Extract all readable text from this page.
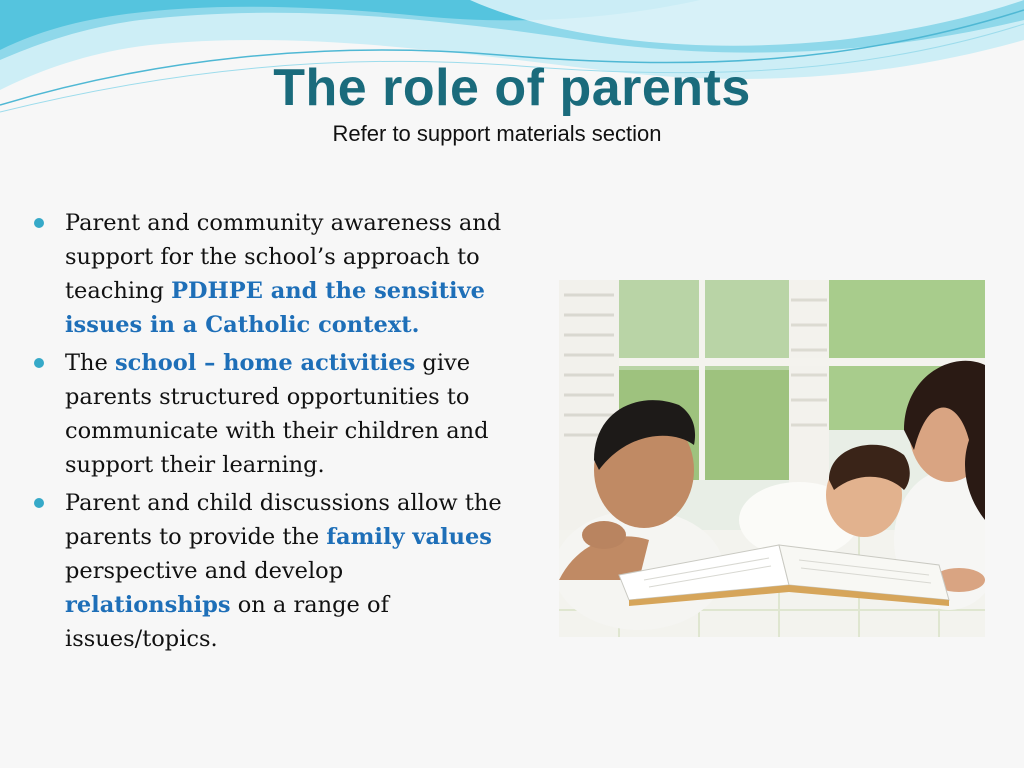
The role of parents
Refer to support materials section
Parent and community awareness and support for the school’s approach to teaching PDHPE and the sensitive issues in a Catholic context.
The school – home activities give parents structured opportunities to communicate with their children and support their learning.
Parent and child discussions allow the parents to provide the family values perspective and develop relationships on a range of issues/topics.
